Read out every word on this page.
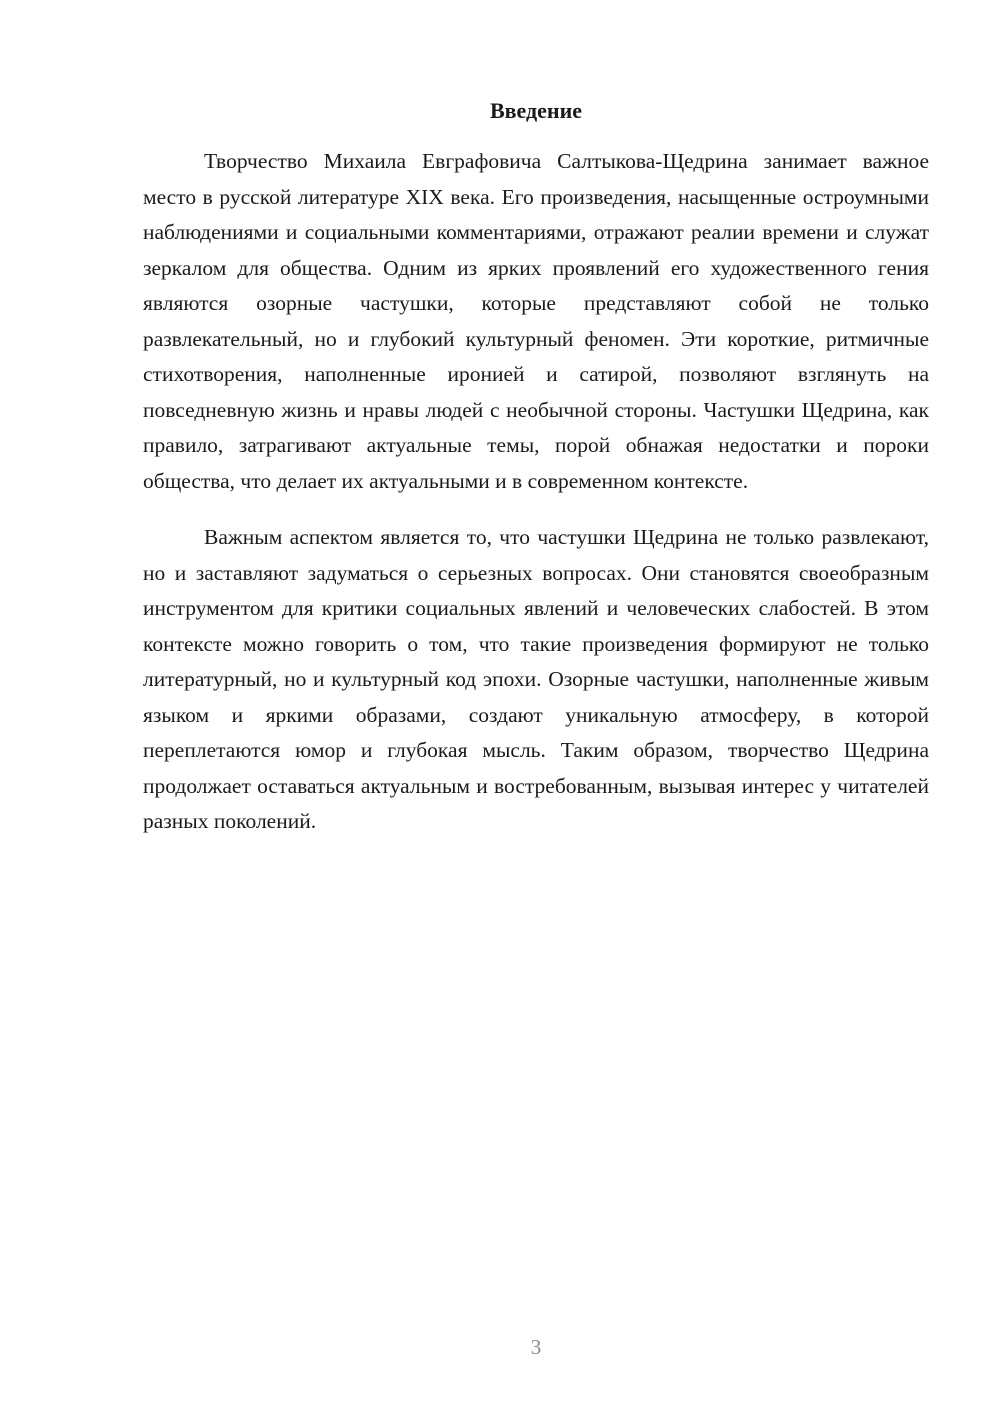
Введение

Творчество Михаила Евграфовича Салтыкова-Щедрина занимает важное место в русской литературе XIX века. Его произведения, насыщенные остроумными наблюдениями и социальными комментариями, отражают реалии времени и служат зеркалом для общества. Одним из ярких проявлений его художественного гения являются озорные частушки, которые представляют собой не только развлекательный, но и глубокий культурный феномен. Эти короткие, ритмичные стихотворения, наполненные иронией и сатирой, позволяют взглянуть на повседневную жизнь и нравы людей с необычной стороны. Частушки Щедрина, как правило, затрагивают актуальные темы, порой обнажая недостатки и пороки общества, что делает их актуальными и в современном контексте.

Важным аспектом является то, что частушки Щедрина не только развлекают, но и заставляют задуматься о серьезных вопросах. Они становятся своеобразным инструментом для критики социальных явлений и человеческих слабостей. В этом контексте можно говорить о том, что такие произведения формируют не только литературный, но и культурный код эпохи. Озорные частушки, наполненные живым языком и яркими образами, создают уникальную атмосферу, в которой переплетаются юмор и глубокая мысль. Таким образом, творчество Щедрина продолжает оставаться актуальным и востребованным, вызывая интерес у читателей разных поколений.

3
